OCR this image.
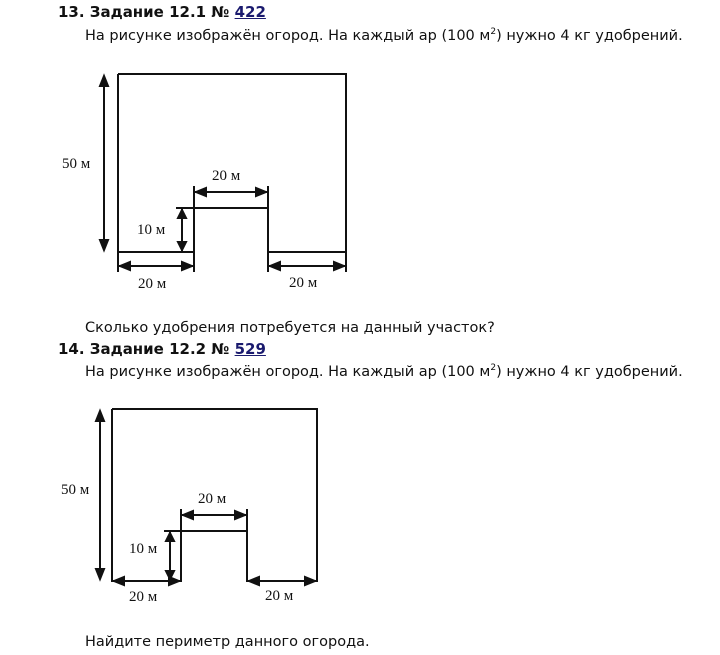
13. Задание 12.1 № 422
На рисунке изображён огород. На каждый ар (100 $м^2$) нужно 4 кг удобрений.
50 м
10 м
20 м
20 м	20 м
Сколько удобрения потребуется на данный участок?
14. Задание 12.2 № 529
На рисунке изображён огород. На каждый ар (100 $м^2$) нужно 4 кг удобрений.
50 м
10 м
20 м
20 м	20 м
Найдите периметр данного огорода.
